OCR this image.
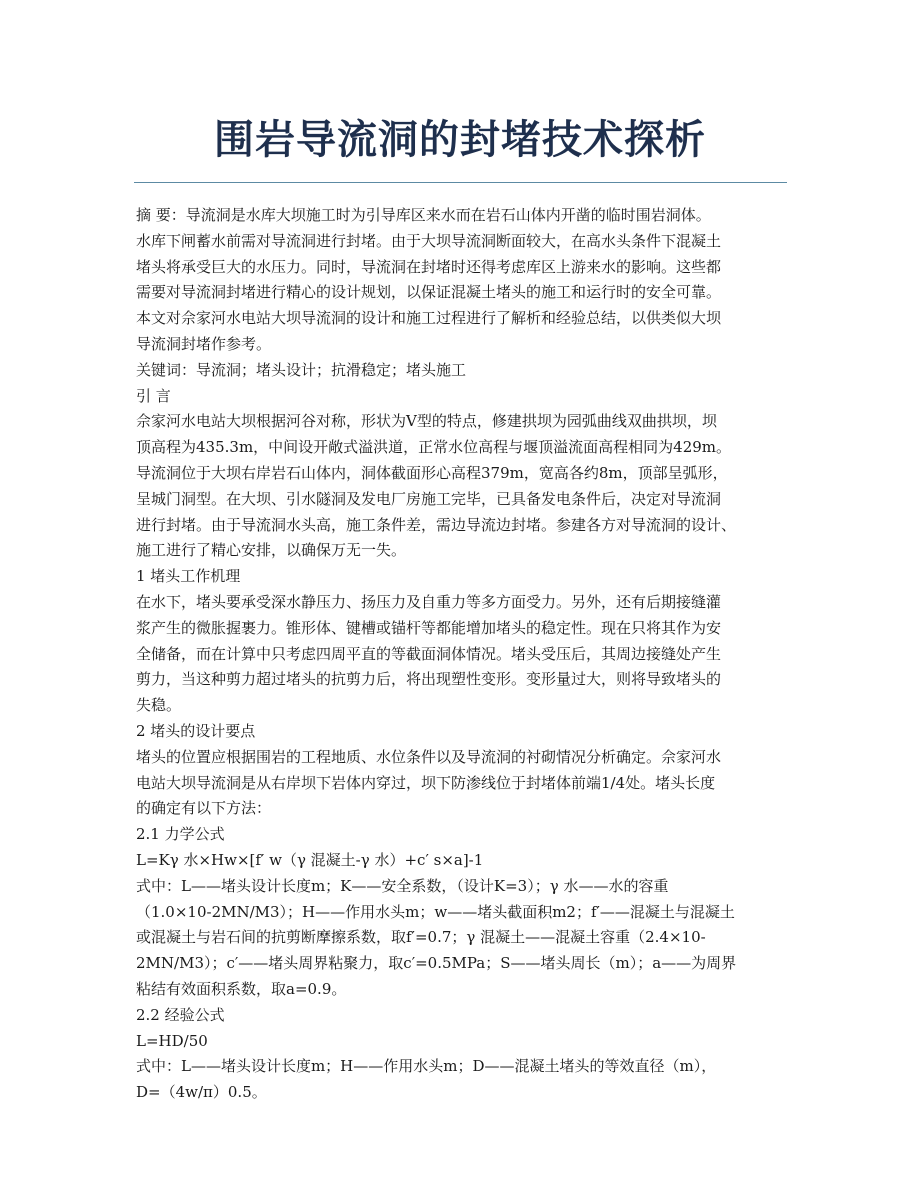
围岩导流洞的封堵技术探析
摘 要：导流洞是水库大坝施工时为引导库区来水而在岩石山体内开凿的临时围岩洞体。
水库下闸蓄水前需对导流洞进行封堵。由于大坝导流洞断面较大，在高水头条件下混凝土
堵头将承受巨大的水压力。同时，导流洞在封堵时还得考虑库区上游来水的影响。这些都
需要对导流洞封堵进行精心的设计规划，以保证混凝土堵头的施工和运行时的安全可靠。
本文对佘家河水电站大坝导流洞的设计和施工过程进行了解析和经验总结，以供类似大坝
导流洞封堵作参考。
关键词：导流洞；堵头设计；抗滑稳定；堵头施工
引 言
佘家河水电站大坝根据河谷对称，形状为Ⅴ型的特点，修建拱坝为园弧曲线双曲拱坝，坝
顶高程为435.3m，中间设开敞式溢洪道，正常水位高程与堰顶溢流面高程相同为429m。
导流洞位于大坝右岸岩石山体内，洞体截面形心高程379m，宽高各约8m，顶部呈弧形，
呈城门洞型。在大坝、引水隧洞及发电厂房施工完毕，已具备发电条件后，决定对导流洞
进行封堵。由于导流洞水头高，施工条件差，需边导流边封堵。参建各方对导流洞的设计、
施工进行了精心安排，以确保万无一失。
1 堵头工作机理
在水下，堵头要承受深水静压力、扬压力及自重力等多方面受力。另外，还有后期接缝灌
浆产生的微胀握裹力。锥形体、键槽或锚杆等都能增加堵头的稳定性。现在只将其作为安
全储备，而在计算中只考虑四周平直的等截面洞体情况。堵头受压后，其周边接缝处产生
剪力，当这种剪力超过堵头的抗剪力后，将出现塑性变形。变形量过大，则将导致堵头的
失稳。
2 堵头的设计要点
堵头的位置应根据围岩的工程地质、水位条件以及导流洞的衬砌情况分析确定。佘家河水
电站大坝导流洞是从右岸坝下岩体内穿过，坝下防渗线位于封堵体前端1/4处。堵头长度
的确定有以下方法：
2.1 力学公式
L=Kγ 水×Hw×[f′ w（γ 混凝土-γ 水）+c′ s×a]-1
式中：L——堵头设计长度m；K——安全系数，（设计K=3）；γ 水——水的容重
（1.0×10-2MN/M3）；H——作用水头m；w——堵头截面积m2；f′——混凝土与混凝土
或混凝土与岩石间的抗剪断摩擦系数，取f′=0.7；γ 混凝土——混凝土容重（2.4×10-
2MN/M3）；c′——堵头周界粘聚力，取c′=0.5MPa；S——堵头周长（m）；a——为周界
粘结有效面积系数，取a=0.9。
2.2 经验公式
L=HD/50
式中：L——堵头设计长度m；H——作用水头m；D——混凝土堵头的等效直径（m），
D=（4w/π）0.5。
